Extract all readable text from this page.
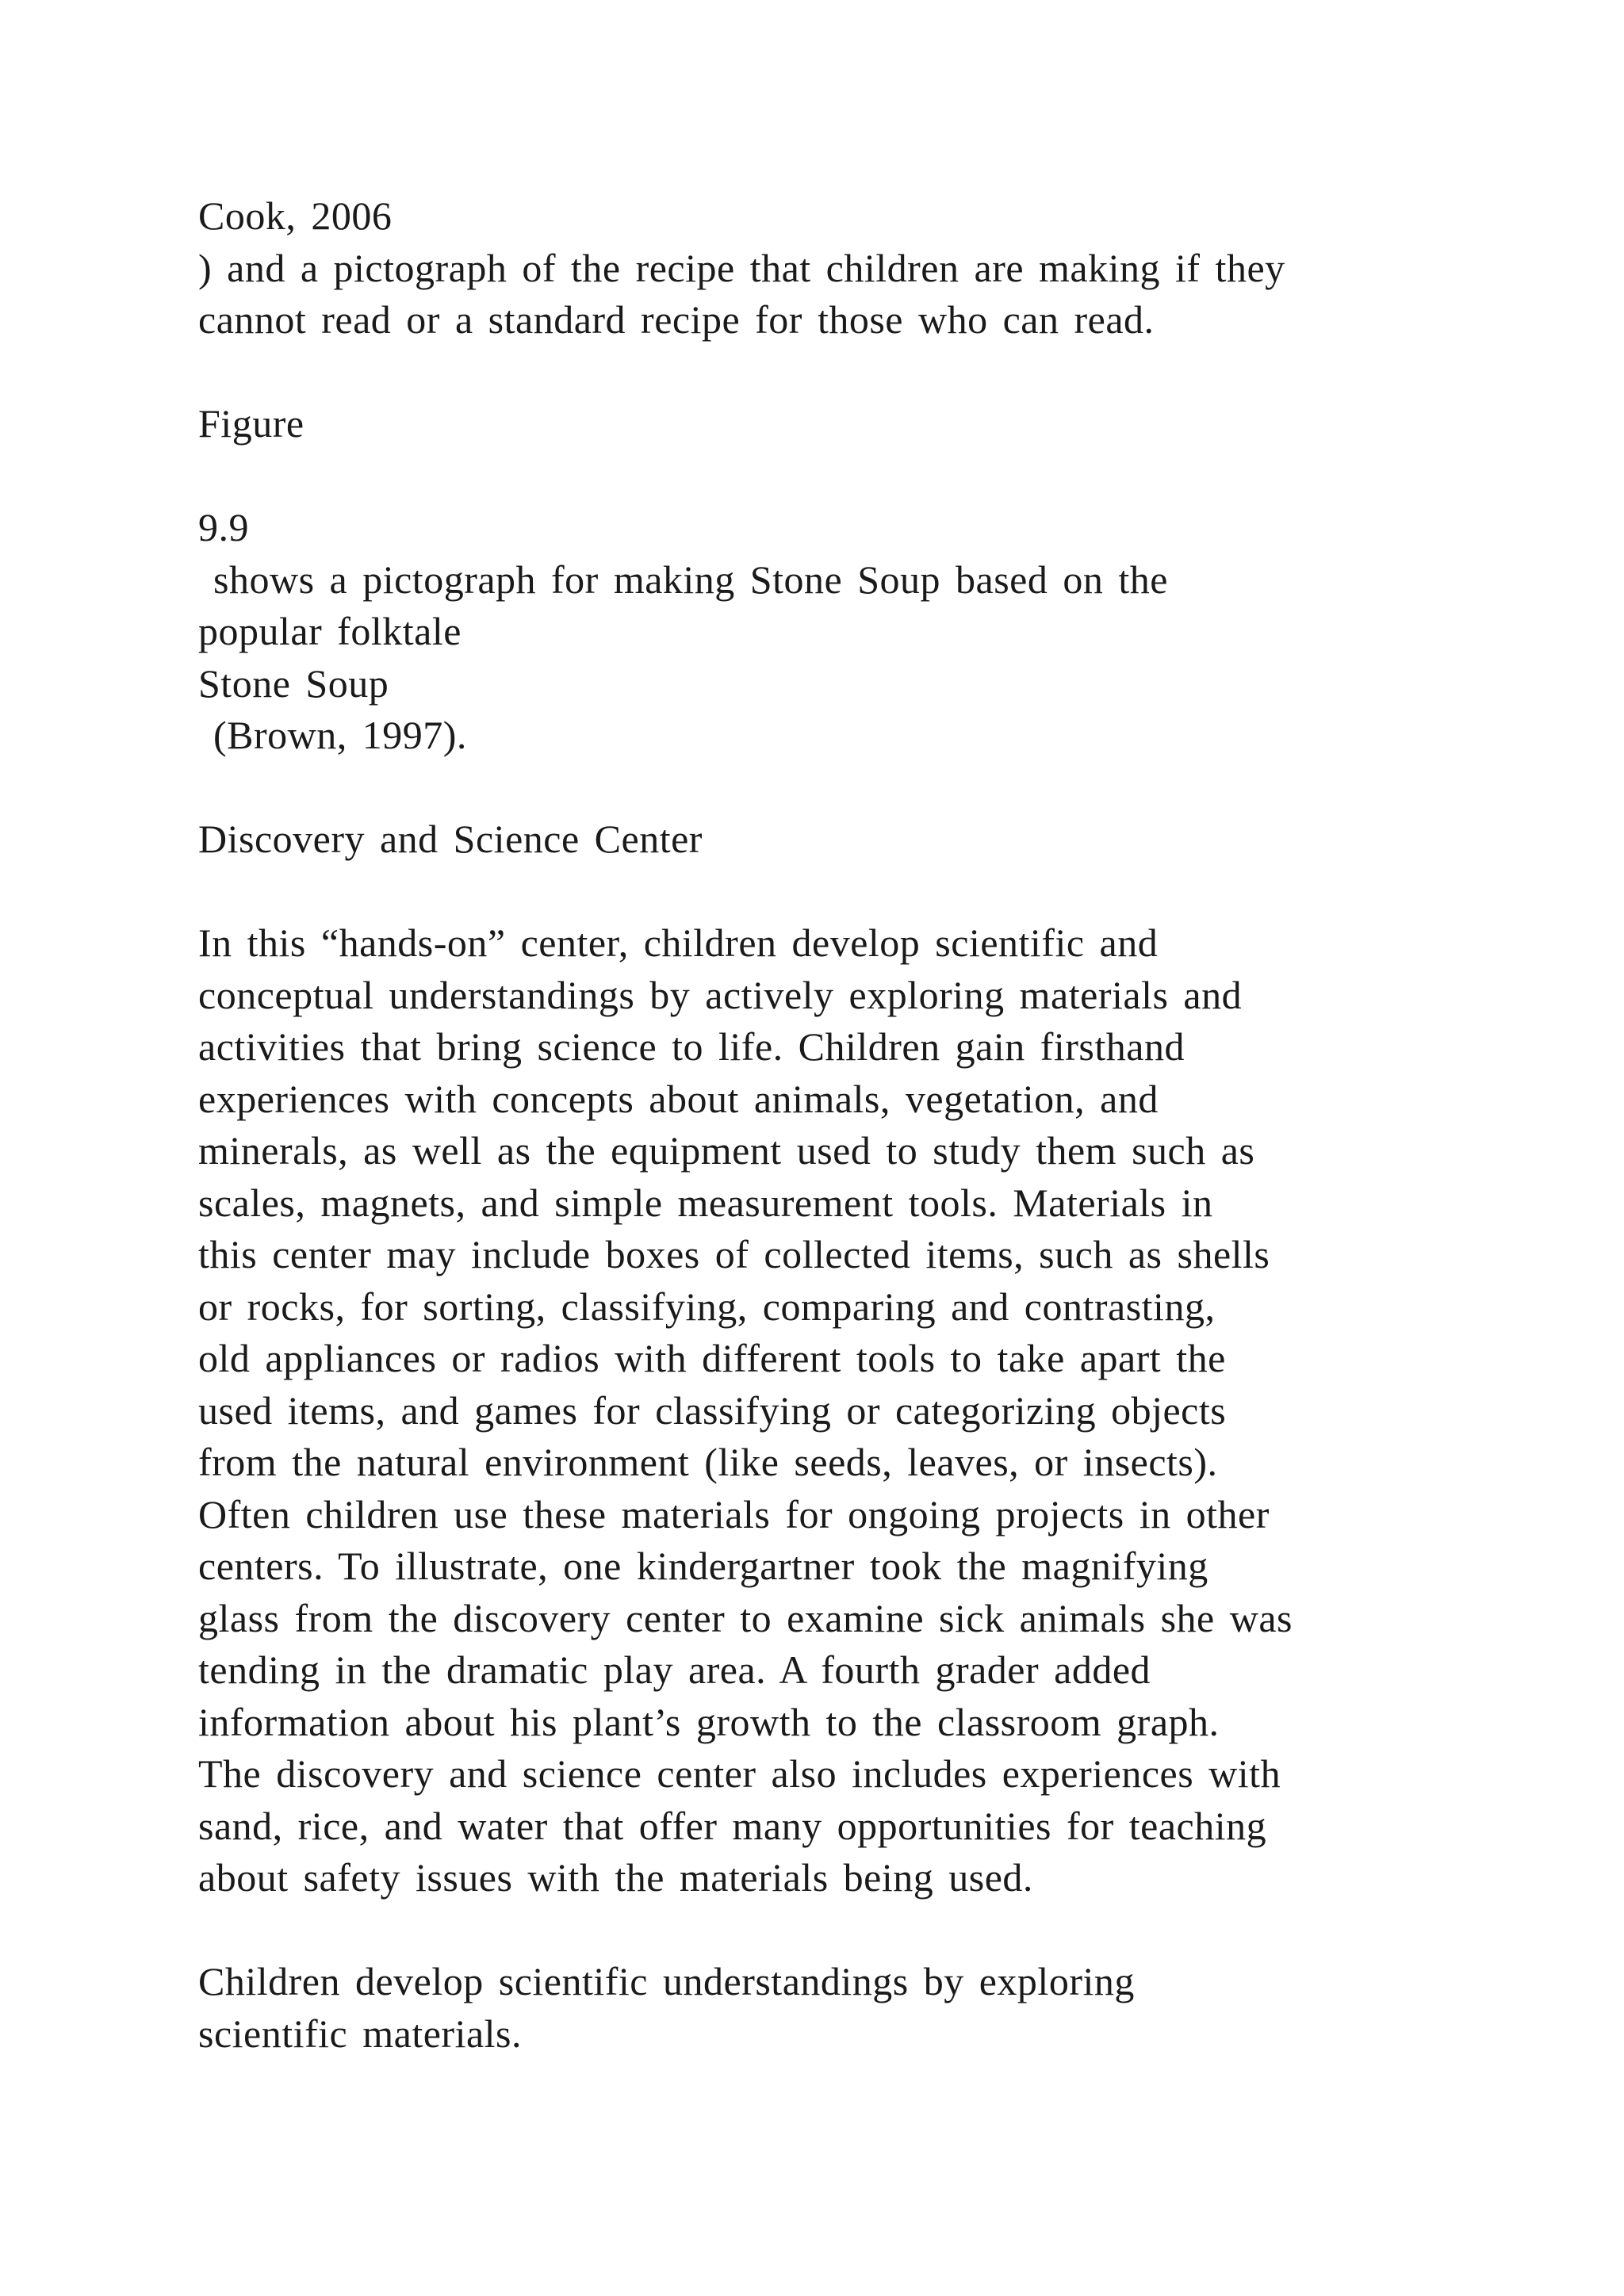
Cook, 2006
) and a pictograph of the recipe that children are making if they
cannot read or a standard recipe for those who can read.
Figure
9.9
shows a pictograph for making Stone Soup based on the
popular folktale
Stone Soup
(Brown, 1997).
Discovery and Science Center
In this “hands-on” center, children develop scientific and
conceptual understandings by actively exploring materials and
activities that bring science to life. Children gain firsthand
experiences with concepts about animals, vegetation, and
minerals, as well as the equipment used to study them such as
scales, magnets, and simple measurement tools. Materials in
this center may include boxes of collected items, such as shells
or rocks, for sorting, classifying, comparing and contrasting,
old appliances or radios with different tools to take apart the
used items, and games for classifying or categorizing objects
from the natural environment (like seeds, leaves, or insects).
Often children use these materials for ongoing projects in other
centers. To illustrate, one kindergartner took the magnifying
glass from the discovery center to examine sick animals she was
tending in the dramatic play area. A fourth grader added
information about his plant’s growth to the classroom graph.
The discovery and science center also includes experiences with
sand, rice, and water that offer many opportunities for teaching
about safety issues with the materials being used.
Children develop scientific understandings by exploring
scientific materials.
